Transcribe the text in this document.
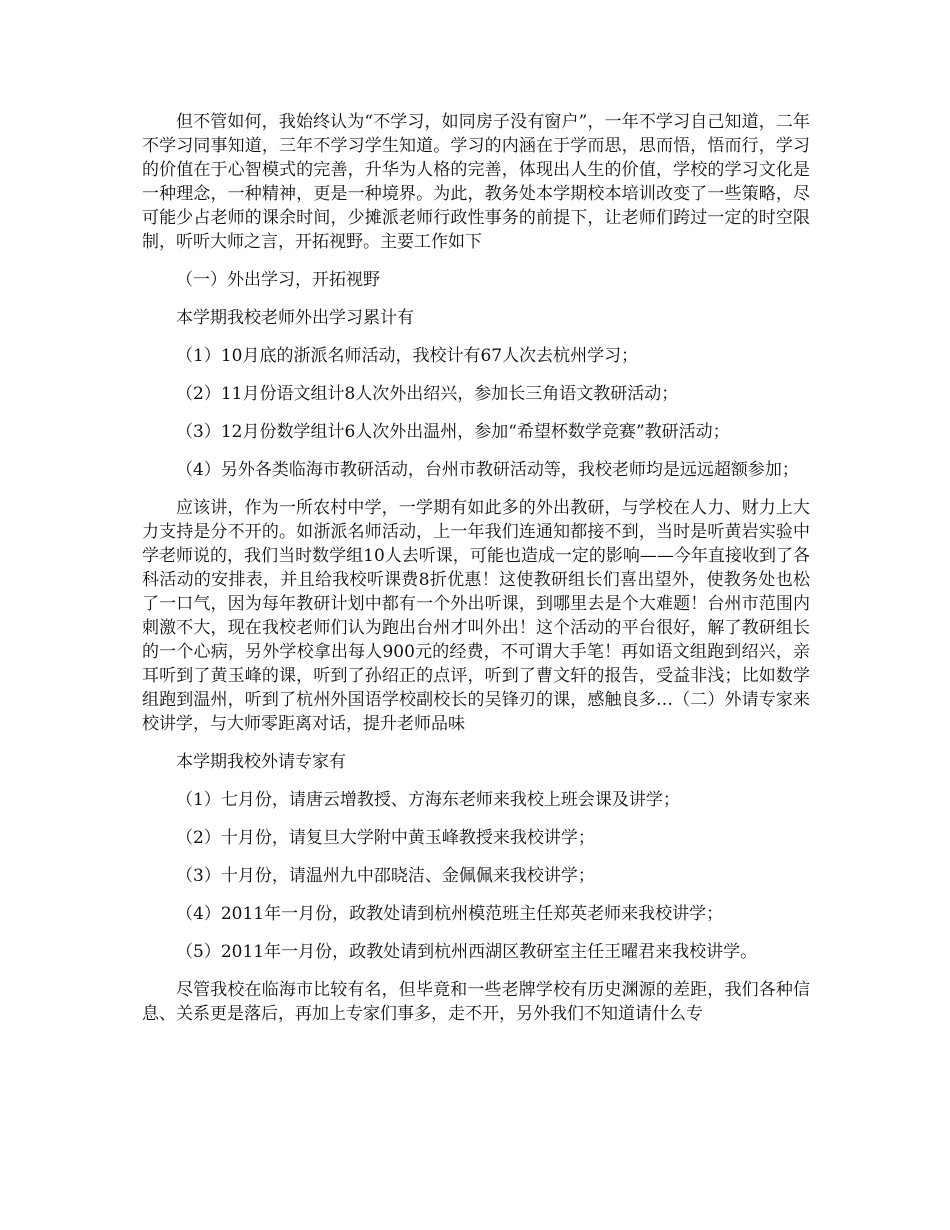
但不管如何，我始终认为“不学习，如同房子没有窗户”，一年不学习自己知道，二年不学习同事知道，三年不学习学生知道。学习的内涵在于学而思，思而悟，悟而行，学习的价值在于心智模式的完善，升华为人格的完善，体现出人生的价值，学校的学习文化是一种理念，一种精神，更是一种境界。为此，教务处本学期校本培训改变了一些策略，尽可能少占老师的课余时间，少摊派老师行政性事务的前提下，让老师们跨过一定的时空限制，听听大师之言，开拓视野。主要工作如下

（一）外出学习，开拓视野

本学期我校老师外出学习累计有

（1）10月底的浙派名师活动，我校计有67人次去杭州学习；

（2）11月份语文组计8人次外出绍兴，参加长三角语文教研活动；

（3）12月份数学组计6人次外出温州，参加“希望杯数学竞赛”教研活动；

（4）另外各类临海市教研活动，台州市教研活动等，我校老师均是远远超额参加；

应该讲，作为一所农村中学，一学期有如此多的外出教研，与学校在人力、财力上大力支持是分不开的。如浙派名师活动，上一年我们连通知都接不到，当时是听黄岩实验中学老师说的，我们当时数学组10人去听课，可能也造成一定的影响——今年直接收到了各科活动的安排表，并且给我校听课费8折优惠！这使教研组长们喜出望外，使教务处也松了一口气，因为每年教研计划中都有一个外出听课，到哪里去是个大难题！台州市范围内刺激不大，现在我校老师们认为跑出台州才叫外出！这个活动的平台很好，解了教研组长的一个心病，另外学校拿出每人900元的经费，不可谓大手笔！再如语文组跑到绍兴，亲耳听到了黄玉峰的课，听到了孙绍正的点评，听到了曹文轩的报告，受益非浅；比如数学组跑到温州，听到了杭州外国语学校副校长的吴锋刃的课，感触良多…（二）外请专家来校讲学，与大师零距离对话，提升老师品味

本学期我校外请专家有

（1）七月份，请唐云增教授、方海东老师来我校上班会课及讲学；

（2）十月份，请复旦大学附中黄玉峰教授来我校讲学；

（3）十月份，请温州九中邵晓洁、金佩佩来我校讲学；

（4）2011年一月份，政教处请到杭州模范班主任郑英老师来我校讲学；

（5）2011年一月份，政教处请到杭州西湖区教研室主任王曜君来我校讲学。

尽管我校在临海市比较有名，但毕竟和一些老牌学校有历史渊源的差距，我们各种信息、关系更是落后，再加上专家们事多，走不开，另外我们不知道请什么专
